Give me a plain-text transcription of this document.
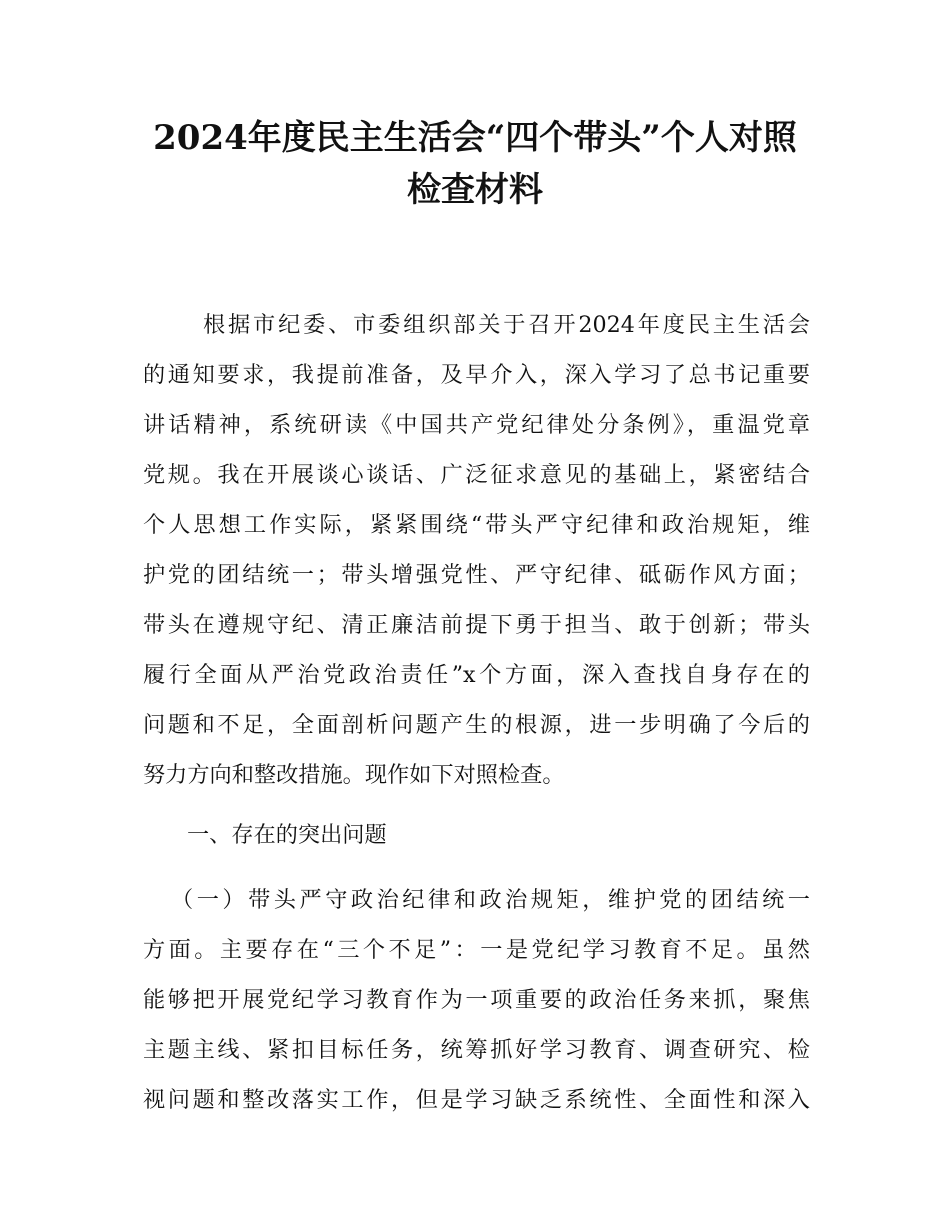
2024年度民主生活会“四个带头”个人对照
检查材料
根据市纪委、市委组织部关于召开2024年度民主生活会
的通知要求，我提前准备，及早介入，深入学习了总书记重要
讲话精神，系统研读《中国共产党纪律处分条例》，重温党章
党规。我在开展谈心谈话、广泛征求意见的基础上，紧密结合
个人思想工作实际，紧紧围绕“带头严守纪律和政治规矩，维
护党的团结统一；带头增强党性、严守纪律、砥砺作风方面；
带头在遵规守纪、清正廉洁前提下勇于担当、敢于创新；带头
履行全面从严治党政治责任”x个方面，深入查找自身存在的
问题和不足，全面剖析问题产生的根源，进一步明确了今后的
努力方向和整改措施。现作如下对照检查。
一、存在的突出问题
（一）带头严守政治纪律和政治规矩，维护党的团结统一
方面。主要存在“三个不足”：一是党纪学习教育不足。虽然
能够把开展党纪学习教育作为一项重要的政治任务来抓，聚焦
主题主线、紧扣目标任务，统筹抓好学习教育、调查研究、检
视问题和整改落实工作，但是学习缺乏系统性、全面性和深入
